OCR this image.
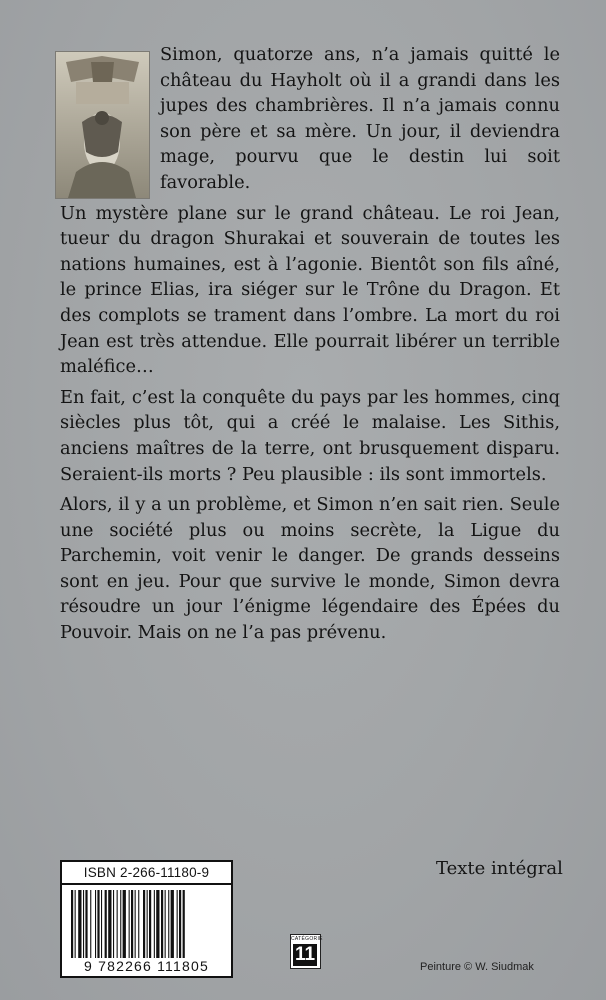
Simon, quatorze ans, n’a jamais quitté le château du Hayholt où il a grandi dans les jupes des chambrières. Il n’a jamais connu son père et sa mère. Un jour, il deviendra mage, pourvu que le destin lui soit favorable.

Un mystère plane sur le grand château. Le roi Jean, tueur du dragon Shurakai et souverain de toutes les nations humaines, est à l’agonie. Bientôt son fils aîné, le prince Elias, ira siéger sur le Trône du Dragon. Et des complots se trament dans l’ombre. La mort du roi Jean est très attendue. Elle pourrait libérer un terrible maléfice…

En fait, c’est la conquête du pays par les hommes, cinq siècles plus tôt, qui a créé le malaise. Les Sithis, anciens maîtres de la terre, ont brusquement disparu. Seraient-ils morts ? Peu plausible : ils sont immortels.

Alors, il y a un problème, et Simon n’en sait rien. Seule une société plus ou moins secrète, la Ligue du Parchemin, voit venir le danger. De grands desseins sont en jeu. Pour que survive le monde, Simon devra résoudre un jour l’énigme légendaire des Épées du Pouvoir. Mais on ne l’a pas prévenu.

Texte intégral
ISBN 2-266-11180-9
9 782266 111805
CATÉGORIE
11
Peinture © W. Siudmak
